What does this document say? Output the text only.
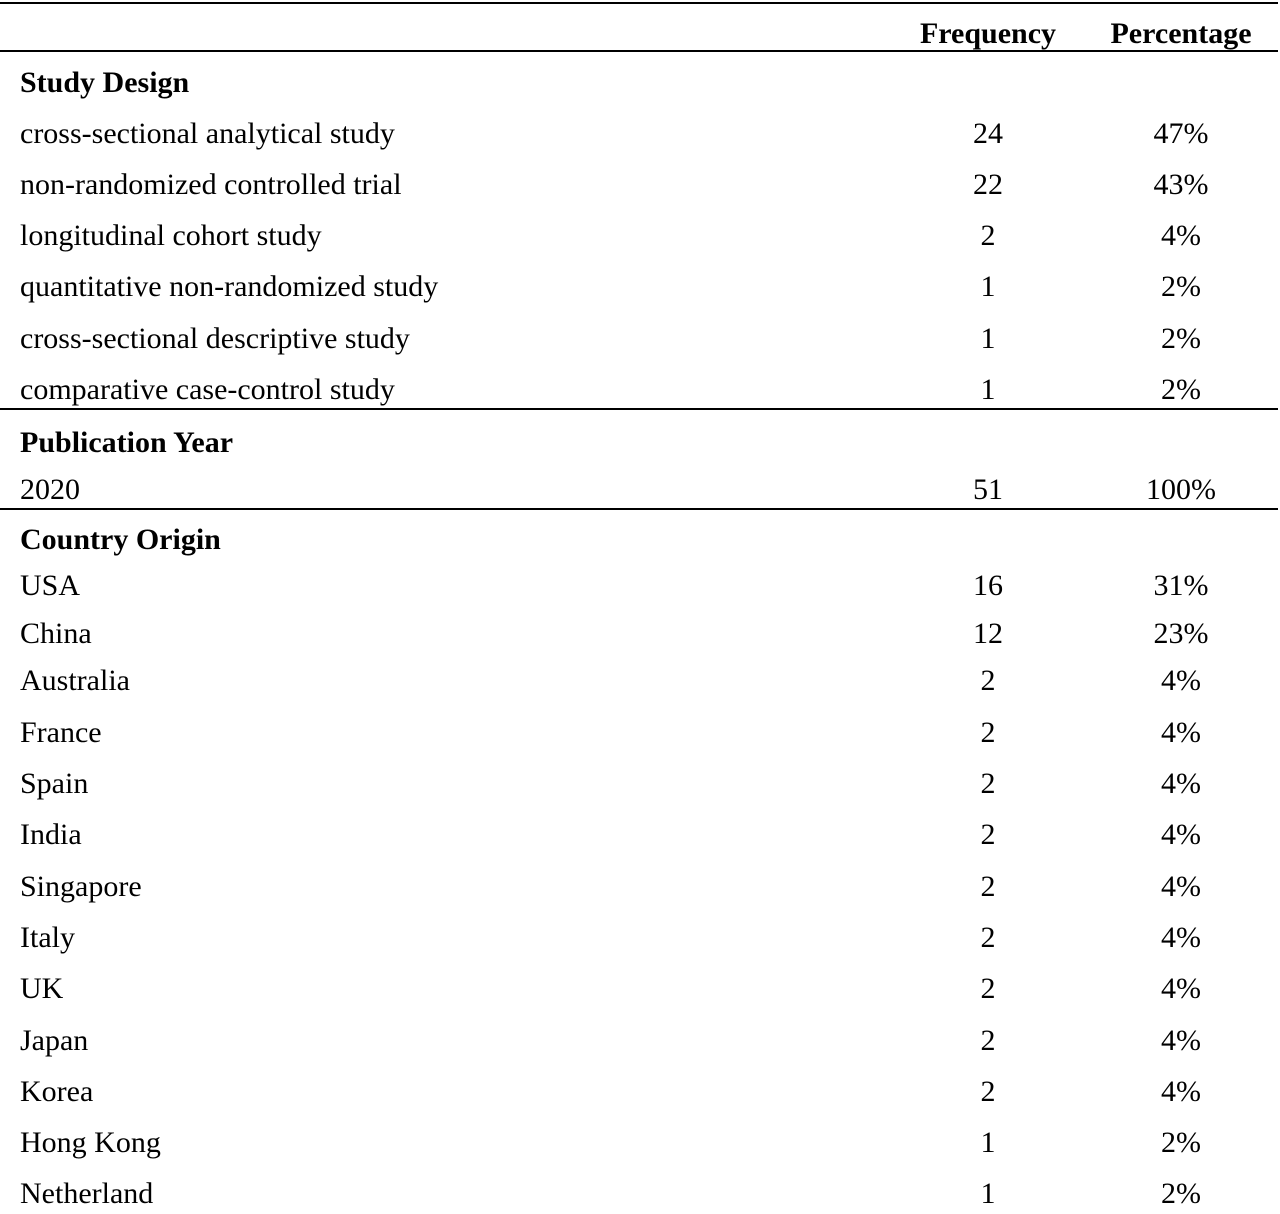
Frequency	Percentage
Study Design
cross-sectional analytical study	24	47%
non-randomized controlled trial	22	43%
longitudinal cohort study	2	4%
quantitative non-randomized study	1	2%
cross-sectional descriptive study	1	2%
comparative case-control study	1	2%
Publication Year
2020	51	100%
Country Origin
USA	16	31%
China	12	23%
Australia	2	4%
France	2	4%
Spain	2	4%
India	2	4%
Singapore	2	4%
Italy	2	4%
UK	2	4%
Japan	2	4%
Korea	2	4%
Hong Kong	1	2%
Netherland	1	2%
